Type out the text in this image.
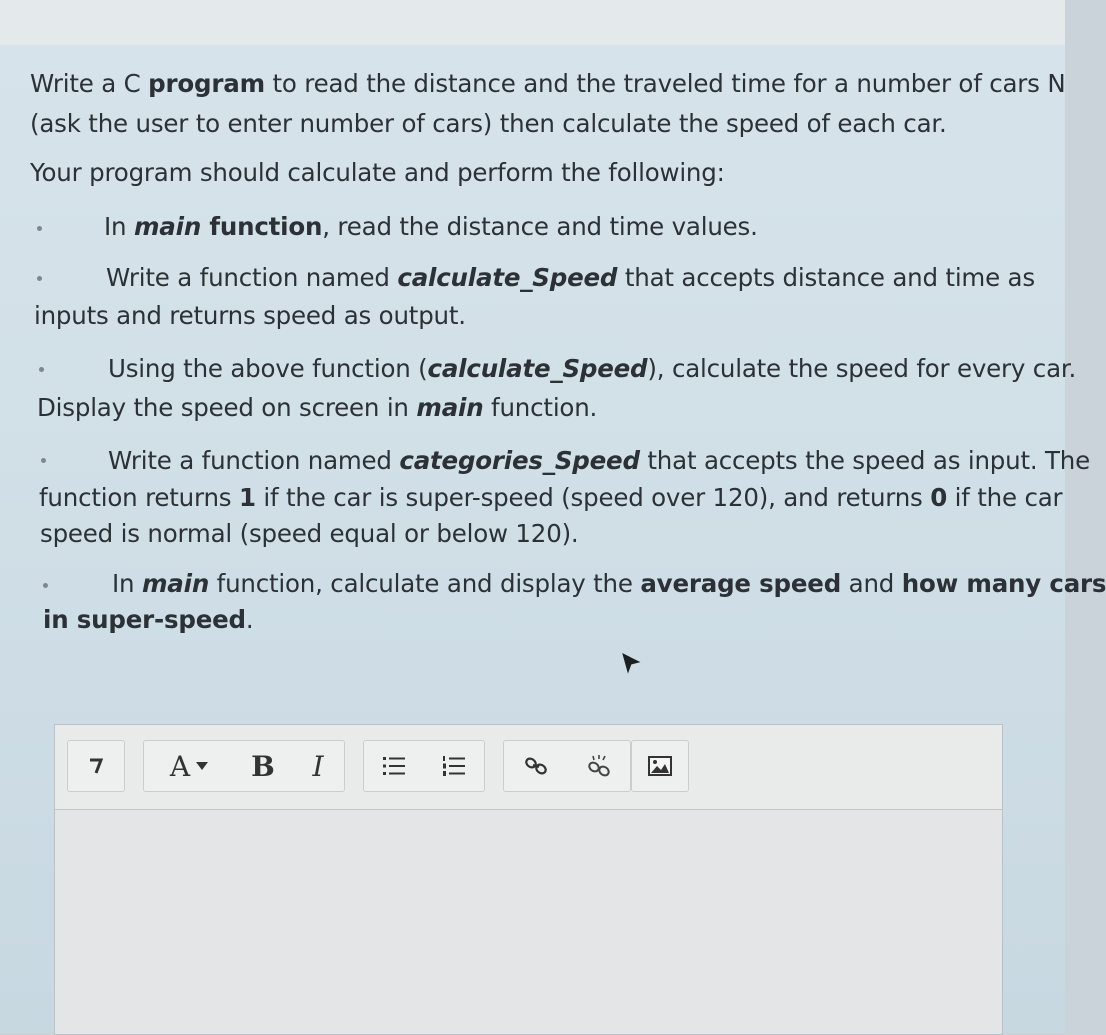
Write a C program to read the distance and the traveled time for a number of cars N
(ask the user to enter number of cars) then calculate the speed of each car.
Your program should calculate and perform the following:
In main function, read the distance and time values.
Write a function named calculate_Speed that accepts distance and time as
inputs and returns speed as output.
Using the above function (calculate_Speed), calculate the speed for every car.
Display the speed on screen in main function.
Write a function named categories_Speed that accepts the speed as input. The
function returns 1 if the car is super-speed (speed over 120), and returns 0 if the car
speed is normal (speed equal or below 120).
In main function, calculate and display the average speed and how many cars
in super-speed.
A B I
